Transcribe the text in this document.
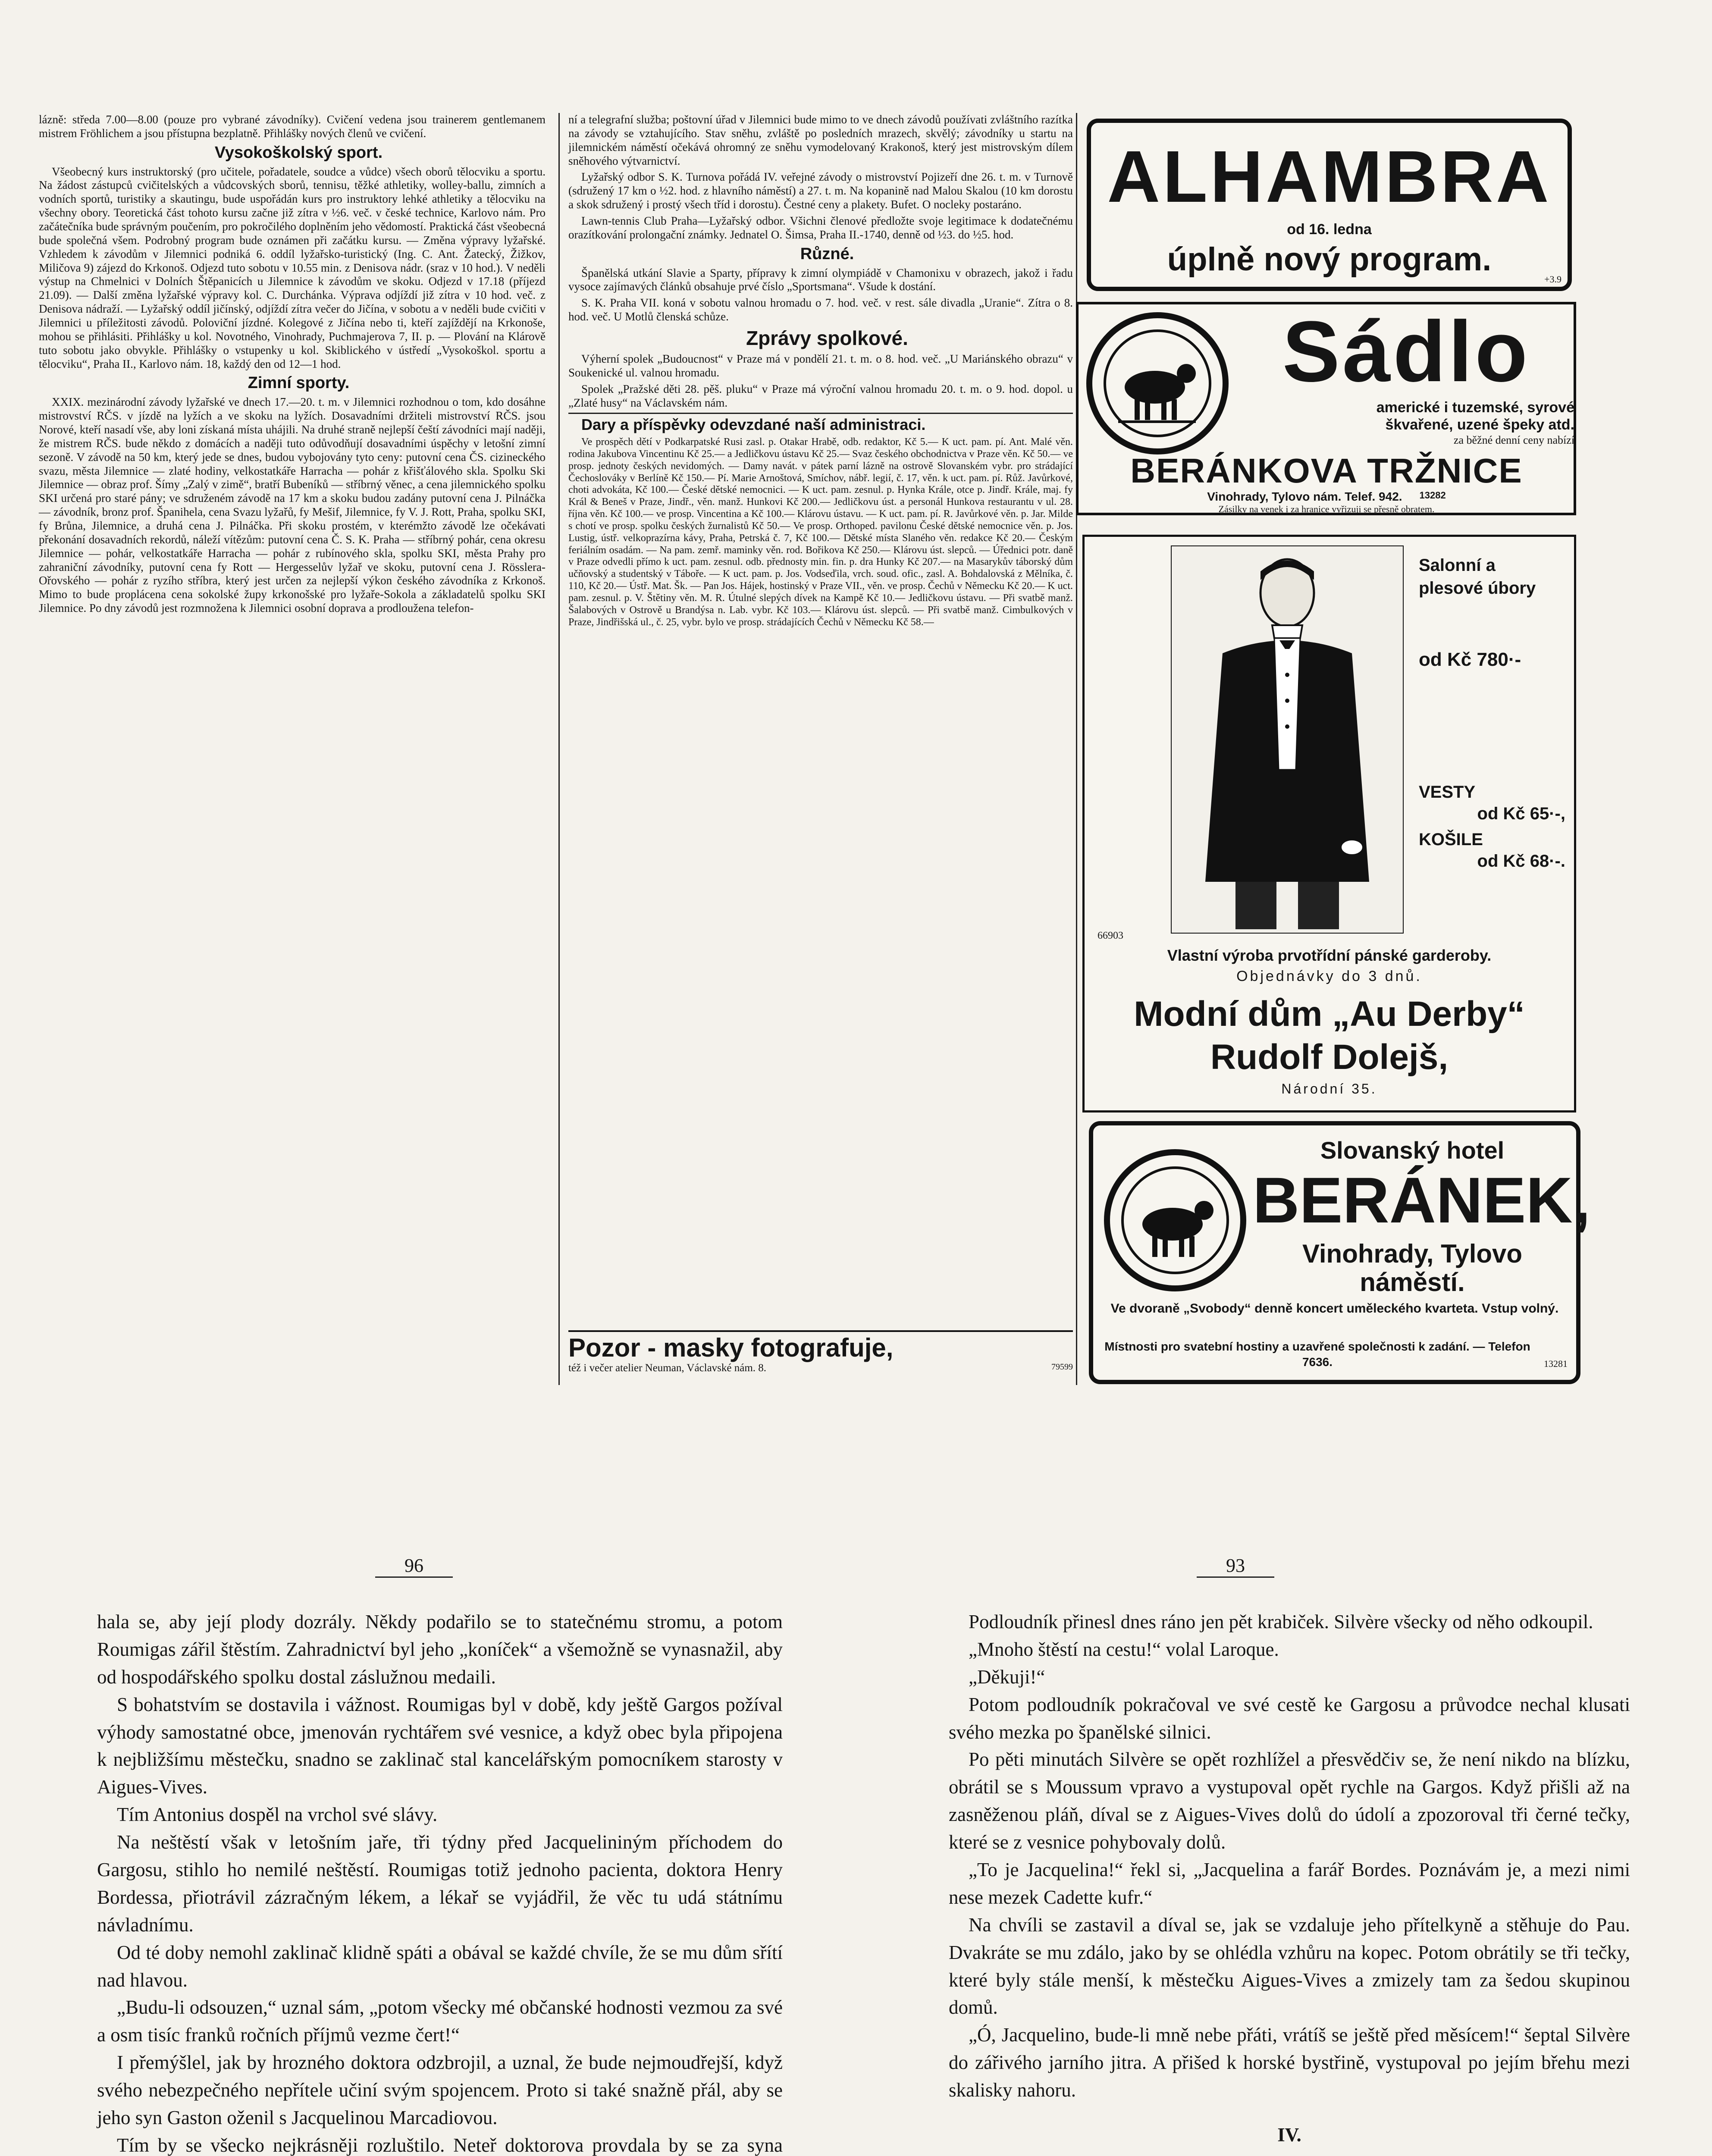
lázně: středa 7.00—8.00 (pouze pro vybrané závodníky). Cvičení vedena jsou trainerem gentlemanem mistrem Fröhlichem a jsou přístupna bezplatně. Přihlášky nových členů ve cvičení.

Vysokoškolský sport.

Všeobecný kurs instruktorský (pro učitele, pořadatele, soudce a vůdce) všech oborů tělocviku a sportu. Na žádost zástupců cvičitelských a vůdcovských sborů, tennisu, těžké athletiky, wolley-ballu, zimních a vodních sportů, turistiky a skautingu, bude uspořádán kurs pro instruktory lehké athletiky a tělocviku na všechny obory. Teoretická část tohoto kursu začne již zítra v ½6. več. v české technice, Karlovo nám. Pro začátečníka bude správným poučením, pro pokročilého doplněním jeho vědomostí. Praktická část všeobecná bude společná všem. Podrobný program bude oznámen při začátku kursu. — Změna výpravy lyžařské. Vzhledem k závodům v Jilemnici podniká 6. oddíl lyžařsko-turistický (Ing. C. Ant. Žatecký, Žižkov, Miličova 9) zájezd do Krkonoš. Odjezd tuto sobotu v 10.55 min. z Denisova nádr. (sraz v 10 hod.). V neděli výstup na Chmelnici v Dolních Štěpanicích u Jilemnice k závodům ve skoku. Odjezd v 17.18 (příjezd 21.09). — Další změna lyžařské výpravy kol. C. Durchánka. Výprava odjíždí již zítra v 10 hod. več. z Denisova nádraží. — Lyžařský oddíl jičínský, odjíždí zítra večer do Jičína, v sobotu a v neděli bude cvičiti v Jilemnici u příležitosti závodů. Poloviční jízdné. Kolegové z Jičína nebo ti, kteří zajíždějí na Krkonoše, mohou se přihlásiti. Přihlášky u kol. Novotného, Vinohrady, Puchmajerova 7, II. p. — Plování na Klárově tuto sobotu jako obvykle. Přihlášky o vstupenky u kol. Skiblického v ústředí „Vysokoškol. sportu a tělocviku“, Praha II., Karlovo nám. 18, každý den od 12—1 hod.

Zimní sporty.

XXIX. mezinárodní závody lyžařské ve dnech 17.—20. t. m. v Jilemnici rozhodnou o tom, kdo dosáhne mistrovství RČS. v jízdě na lyžích a ve skoku na lyžích. Dosavadními držiteli mistrovství RČS. jsou Norové, kteří nasadí vše, aby loni získaná místa uhájili. Na druhé straně nejlepší čeští závodníci mají naději, že mistrem RČS. bude někdo z domácích a naději tuto odůvodňují dosavadními úspěchy v letošní zimní sezoně. V závodě na 50 km, který jede se dnes, budou vybojovány tyto ceny: putovní cena ČS. cizineckého svazu, města Jilemnice — zlaté hodiny, velkostatkáře Harracha — pohár z křišťálového skla. Spolku Ski Jilemnice — obraz prof. Šímy „Zalý v zimě“, bratří Bubeníků — stříbrný věnec, a cena jilemnického spolku SKI určená pro staré pány; ve sdruženém závodě na 17 km a skoku budou zadány putovní cena J. Pilnáčka — závodník, bronz prof. Španihela, cena Svazu lyžařů, fy Mešif, Jilemnice, fy V. J. Rott, Praha, spolku SKI, fy Brůna, Jilemnice, a druhá cena J. Pilnáčka. Při skoku prostém, v kterémžto závodě lze očekávati překonání dosavadních rekordů, náleží vítězům: putovní cena Č. S. K. Praha — stříbrný pohár, cena okresu Jilemnice — pohár, velkostatkáře Harracha — pohár z rubínového skla, spolku SKI, města Prahy pro zahraniční závodníky, putovní cena fy Rott — Hergesselův lyžař ve skoku, putovní cena J. Rösslera-Ořovského — pohár z ryzího stříbra, který jest určen za nejlepší výkon českého závodníka z Krkonoš. Mimo to bude proplácena cena sokolské župy krkonošské pro lyžaře-Sokola a základatelů spolku SKI Jilemnice. Po dny závodů jest rozmnožena k Jilemnici osobní doprava a prodloužena telefon-

ní a telegrafní služba; poštovní úřad v Jilemnici bude mimo to ve dnech závodů používati zvláštního razítka na závody se vztahujícího. Stav sněhu, zvláště po posledních mrazech, skvělý; závodníky u startu na jilemnickém náměstí očekává ohromný ze sněhu vymodelovaný Krakonoš, který jest mistrovským dílem sněhového výtvarnictví.

Lyžařský odbor S. K. Turnova pořádá IV. veřejné závody o mistrovství Pojizeří dne 26. t. m. v Turnově (sdružený 17 km o ½2. hod. z hlavního náměstí) a 27. t. m. Na kopanině nad Malou Skalou (10 km dorostu a skok sdružený i prostý všech tříd i dorostu). Čestné ceny a plakety. Bufet. O nocleky postaráno.

Lawn-tennis Club Praha—Lyžařský odbor. Všichni členové předložte svoje legitimace k dodatečnému orazítkování prolongační známky. Jednatel O. Šimsa, Praha II.-1740, denně od ½3. do ½5. hod.

Různé.

Španělská utkání Slavie a Sparty, přípravy k zimní olympiádě v Chamonixu v obrazech, jakož i řadu vysoce zajímavých článků obsahuje prvé číslo „Sportsmana“. Všude k dostání.

S. K. Praha VII. koná v sobotu valnou hromadu o 7. hod. več. v rest. sále divadla „Uranie“. Zítra o 8. hod. več. U Motlů členská schůze.

Zprávy spolkové.

Výherní spolek „Budoucnost“ v Praze má v pondělí 21. t. m. o 8. hod. več. „U Mariánského obrazu“ v Soukenické ul. valnou hromadu.

Spolek „Pražské děti 28. pěš. pluku“ v Praze má výroční valnou hromadu 20. t. m. o 9. hod. dopol. u „Zlaté husy“ na Václavském nám.

Dary a příspěvky odevzdané naší administraci.

Ve prospěch dětí v Podkarpatské Rusi zasl. p. Otakar Hrabě, odb. redaktor, Kč 5.— K uct. pam. pí. Ant. Malé věn. rodina Jakubova Vincentinu Kč 25.— a Jedličkovu ústavu Kč 25.— Svaz českého obchodnictva v Praze věn. Kč 50.— ve prosp. jednoty českých nevidomých. — Damy navát. v pátek parní lázně na ostrově Slovanském vybr. pro strádající Čechoslováky v Berlíně Kč 150.— Pí. Marie Arnoštová, Smíchov, nábř. legií, č. 17, věn. k uct. pam. pí. Růž. Javůrkové, choti advokáta, Kč 100.— České dětské nemocnici. — K uct. pam. zesnul. p. Hynka Krále, otce p. Jindř. Krále, maj. fy Král & Beneš v Praze, Jindř., věn. manž. Hunkovi Kč 200.— Jedličkovu úst. a personál Hunkova restaurantu v ul. 28. října věn. Kč 100.— ve prosp. Vincentina a Kč 100.— Klárovu ústavu. — K uct. pam. pí. R. Javůrkové věn. p. Jar. Milde s chotí ve prosp. spolku českých žurnalistů Kč 50.— Ve prosp. Orthoped. pavilonu České dětské nemocnice věn. p. Jos. Lustig, ústř. velkoprazírna kávy, Praha, Petrská č. 7, Kč 100.— Dětské místa Slaného věn. redakce Kč 20.— Českým feriálním osadám. — Na pam. zemř. maminky věn. rod. Bořikova Kč 250.— Klárovu úst. slepců. — Úřednici potr. daně v Praze odvedli přímo k uct. pam. zesnul. odb. přednosty min. fin. p. dra Hunky Kč 207.— na Masarykův táborský dům učňovský a studentský v Táboře. — K uct. pam. p. Jos. Vodseďila, vrch. soud. ofic., zasl. A. Bohdalovská z Mělníka, č. 110, Kč 20.— Ústř. Mat. Šk. — Pan Jos. Hájek, hostinský v Praze VII., věn. ve prosp. Čechů v Německu Kč 20.— K uct. pam. zesnul. p. V. Štětiny věn. M. R. Útulné slepých dívek na Kampě Kč 10.— Jedličkovu ústavu. — Při svatbě manž. Šalabových v Ostrově u Brandýsa n. Lab. vybr. Kč 103.— Klárovu úst. slepců. — Při svatbě manž. Cimbulkových v Praze, Jindřišská ul., č. 25, vybr. bylo ve prosp. strádajících Čechů v Německu Kč 58.—

Pozor - masky fotografuje,
též i večer atelier Neuman, Václavské nám. 8.	79599
ALHAMBRA
od 16. ledna
úplně nový program.
+3.9
Sádlo
americké i tuzemské, syrové
škvařené, uzené špeky atd.
za běžné denní ceny nabízí
BERÁNKOVA TRŽNICE
Vinohrady, Tylovo nám. Telef. 942. 13282
Zásilky na venek i za hranice vyřizuji se přesně obratem.
Salonní a plesové úbory
od Kč 780·-
VESTY
od Kč 65·-,
KOŠILE
od Kč 68·-.
66903
Vlastní výroba prvotřídní pánské garderoby.
Objednávky do 3 dnů.
Modní dům „Au Derby“
Rudolf Dolejš,
Národní 35.
Slovanský hotel
BERÁNEK,
Vinohrady, Tylovo náměstí.
Ve dvoraně „Svobody“ denně koncert uměleckého kvarteta. Vstup volný.
Místnosti pro svatební hostiny a uzavřené společnosti k zadání. — Telefon 7636.	13281
96

hala se, aby její plody dozrály. Někdy podařilo se to statečnému stromu, a potom Roumigas zářil štěstím. Zahradnictví byl jeho „koníček“ a všemožně se vynasnažil, aby od hospodářského spolku dostal záslužnou medaili.

S bohatstvím se dostavila i vážnost. Roumigas byl v době, kdy ještě Gargos požíval výhody samostatné obce, jmenován rychtářem své vesnice, a když obec byla připojena k nejbližšímu městečku, snadno se zaklinač stal kancelářským pomocníkem starosty v Aigues-Vives.

Tím Antonius dospěl na vrchol své slávy.

Na neštěstí však v letošním jaře, tři týdny před Jacquelininým příchodem do Gargosu, stihlo ho nemilé neštěstí. Roumigas totiž jednoho pacienta, doktora Henry Bordessa, přiotrávil zázračným lékem, a lékař se vyjádřil, že věc tu udá státnímu návladnímu.

Od té doby nemohl zaklinač klidně spáti a obával se každé chvíle, že se mu dům sřítí nad hlavou.

„Budu-li odsouzen,“ uznal sám, „potom všecky mé občanské hodnosti vezmou za své a osm tisíc franků ročních příjmů vezme čert!“

I přemýšlel, jak by hrozného doktora odzbrojil, a uznal, že bude nejmoudřejší, když svého nebezpečného nepřítele učiní svým spojencem. Proto si také snažně přál, aby se jeho syn Gaston oženil s Jacquelinou Marcadiovou.

Tím by se všecko nejkrásněji rozluštilo. Neteř doktorova provdala by se za syna

93

Podloudník přinesl dnes ráno jen pět krabiček. Silvère všecky od něho odkoupil.

„Mnoho štěstí na cestu!“ volal Laroque.

„Děkuji!“

Potom podloudník pokračoval ve své cestě ke Gargosu a průvodce nechal klusati svého mezka po španělské silnici.

Po pěti minutách Silvère se opět rozhlížel a přesvědčiv se, že není nikdo na blízku, obrátil se s Moussum vpravo a vystupoval opět rychle na Gargos. Když přišli až na zasněženou pláň, díval se z Aigues-Vives dolů do údolí a zpozoroval tři černé tečky, které se z vesnice pohybovaly dolů.

„To je Jacquelina!“ řekl si, „Jacquelina a farář Bordes. Poznávám je, a mezi nimi nese mezek Cadette kufr.“

Na chvíli se zastavil a díval se, jak se vzdaluje jeho přítelkyně a stěhuje do Pau. Dvakráte se mu zdálo, jako by se ohlédla vzhůru na kopec. Potom obrátily se tři tečky, které byly stále menší, k městečku Aigues-Vives a zmizely tam za šedou skupinou domů.

„Ó, Jacquelino, bude-li mně nebe přáti, vrátíš se ještě před měsícem!“ šeptal Silvère do zářivého jarního jitra. A přišed k horské bystřině, vystupoval po jejím břehu mezi skalisky nahoru.

IV.
